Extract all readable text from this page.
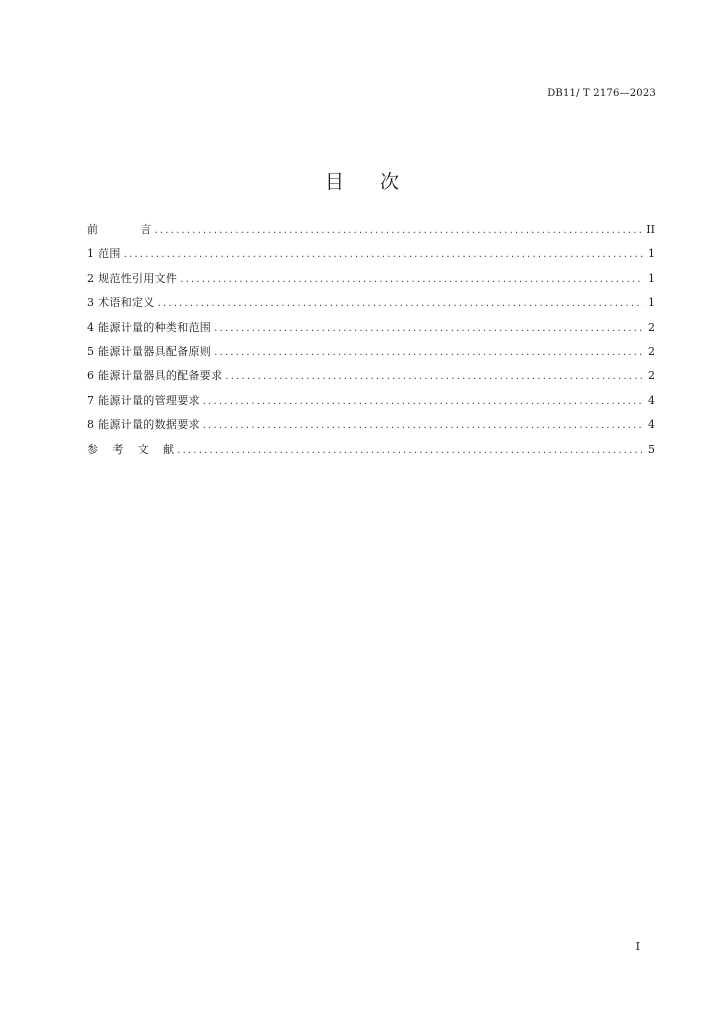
DB11/ T 2176—2023
目 次
前	言 .....	II
1 范围 .....	1
2 规范性引用文件 .....	1
3 术语和定义 .....	1
4 能源计量的种类和范围 .....	2
5 能源计量器具配备原则 .....	2
6 能源计量器具的配备要求 .....	2
7 能源计量的管理要求 .....	4
8 能源计量的数据要求 .....	4
参 考 文 献 .....	5
I
